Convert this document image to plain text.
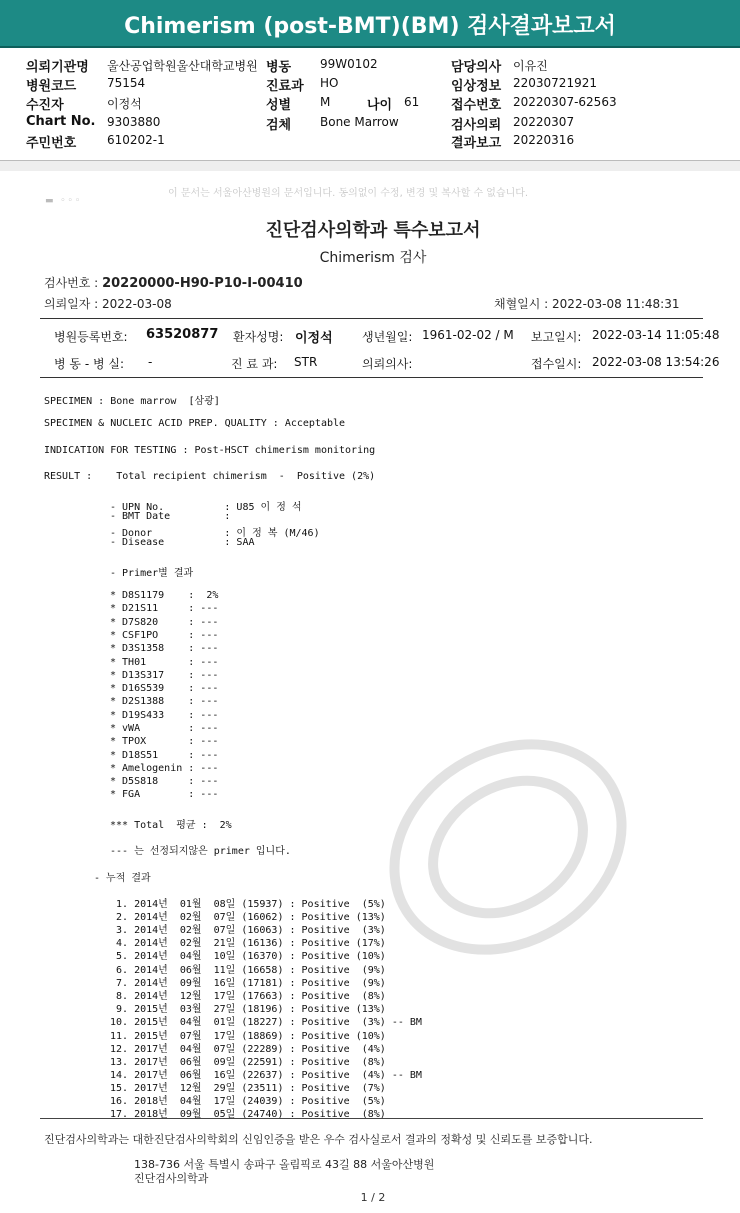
Chimerism (post-BMT)(BM) 검사결과보고서
의뢰기관명 울산공업학원울산대학교병원 병동 99W0102	담당의사 이유진
병원코드	75154	진료과 HO	임상정보 22030721921
수진자	이정석	성별 M	나이 61 접수번호 20220307-62563
Chart No. 9303880	검체 Bone Marrow	검사의뢰 20220307
주민번호	610202-1	결과보고 20220316
이 문서는 서울아산병원의 문서입니다. 동의없이 수정, 변경 및 복사할 수 없습니다.
▬ ◦◦◦
진단검사의학과 특수보고서
Chimerism 검사
검사번호 : 20220000-H90-P10-I-00410
의뢰일자 : 2022-03-08	채혈일시 : 2022-03-08 11:48:31
병원등록번호: 63520877 환자성명: 이정석 생년월일: 1961-02-02 / M 보고일시: 2022-03-14 11:05:48
병 동 - 병 실: -	진 료 과: STR	의뢰의사:	접수일시: 2022-03-08 13:54:26
SPECIMEN : Bone marrow  [삼광]
SPECIMEN & NUCLEIC ACID PREP. QUALITY : Acceptable
INDICATION FOR TESTING : Post-HSCT chimerism monitoring
RESULT :    Total recipient chimerism  -  Positive (2%)
- UPN No.          : U85 이 정 석
- BMT Date         :
- Donor            : 이 정 복 (M/46)
- Disease          : SAA
- Primer별 결과
* D8S1179    :  2%
* D21S11     : ---
* D7S820     : ---
* CSF1PO     : ---
* D3S1358    : ---
* TH01       : ---
* D13S317    : ---
* D16S539    : ---
* D2S1388    : ---
* D19S433    : ---
* vWA        : ---
* TPOX       : ---
* D18S51     : ---
* Amelogenin : ---
* D5S818     : ---
* FGA        : ---
*** Total  평균 :  2%
--- 는 선정되지않은 primer 입니다.
- 누적 결과
1. 2014년  01월  08일 (15937) : Positive  (5%)
2. 2014년  02월  07일 (16062) : Positive (13%)
3. 2014년  02월  07일 (16063) : Positive  (3%)
4. 2014년  02월  21일 (16136) : Positive (17%)
5. 2014년  04월  10일 (16370) : Positive (10%)
6. 2014년  06월  11일 (16658) : Positive  (9%)
7. 2014년  09월  16일 (17181) : Positive  (9%)
8. 2014년  12월  17일 (17663) : Positive  (8%)
9. 2015년  03월  27일 (18196) : Positive (13%)
10. 2015년  04월  01일 (18227) : Positive  (3%) -- BM
11. 2015년  07월  17일 (18869) : Positive (10%)
12. 2017년  04월  07일 (22289) : Positive  (4%)
13. 2017년  06월  09일 (22591) : Positive  (8%)
14. 2017년  06월  16일 (22637) : Positive  (4%) -- BM
15. 2017년  12월  29일 (23511) : Positive  (7%)
16. 2018년  04월  17일 (24039) : Positive  (5%)
17. 2018년  09월  05일 (24740) : Positive  (8%)
진단검사의학과는 대한진단검사의학회의 신임인증을 받은 우수 검사실로서 결과의 정확성 및 신뢰도를 보증합니다.
138-736 서울 특별시 송파구 올림픽로 43길 88 서울아산병원
진단검사의학과
1 / 2
